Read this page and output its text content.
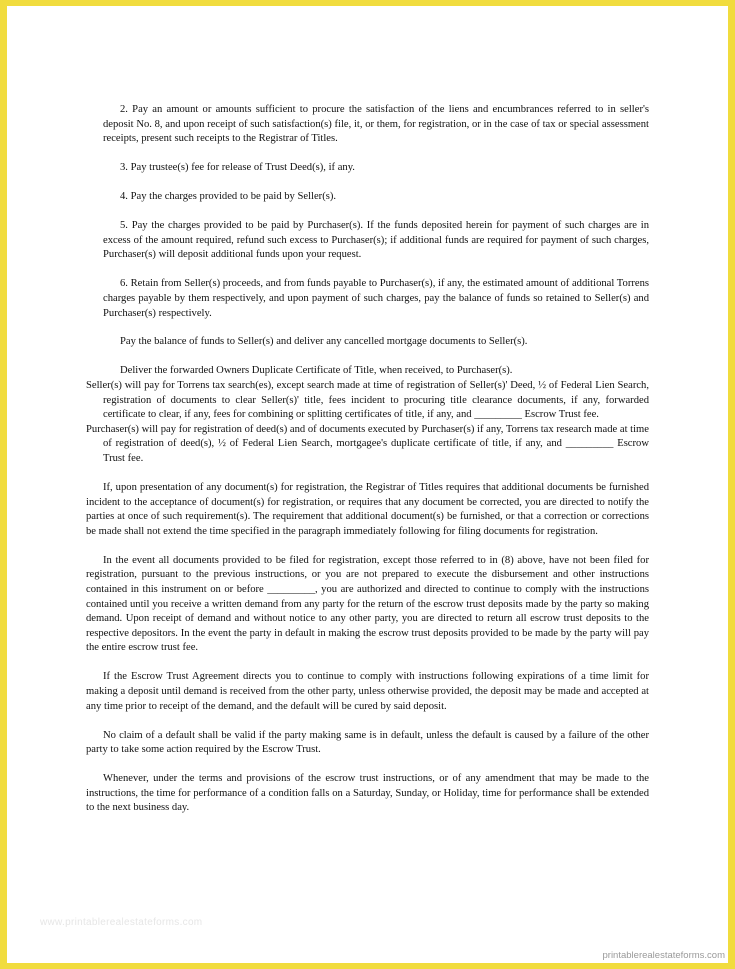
2. Pay an amount or amounts sufficient to procure the satisfaction of the liens and encumbrances referred to in seller's deposit No. 8, and upon receipt of such satisfaction(s) file, it, or them, for registration, or in the case of tax or special assessment receipts, present such receipts to the Registrar of Titles.

3. Pay trustee(s) fee for release of Trust Deed(s), if any.

4. Pay the charges provided to be paid by Seller(s).

5. Pay the charges provided to be paid by Purchaser(s). If the funds deposited herein for payment of such charges are in excess of the amount required, refund such excess to Purchaser(s); if additional funds are required for payment of such charges, Purchaser(s) will deposit additional funds upon your request.

6. Retain from Seller(s) proceeds, and from funds payable to Purchaser(s), if any, the estimated amount of additional Torrens charges payable by them respectively, and upon payment of such charges, pay the balance of funds so retained to Seller(s) and Purchaser(s) respectively.

Pay the balance of funds to Seller(s) and deliver any cancelled mortgage documents to Seller(s).

Deliver the forwarded Owners Duplicate Certificate of Title, when received, to Purchaser(s).

Seller(s) will pay for Torrens tax search(es), except search made at time of registration of Seller(s)' Deed, ½ of Federal Lien Search, registration of documents to clear Seller(s)' title, fees incident to procuring title clearance documents, if any, forwarded certificate to clear, if any, fees for combining or splitting certificates of title, if any, and _________ Escrow Trust fee.

Purchaser(s) will pay for registration of deed(s) and of documents executed by Purchaser(s) if any, Torrens tax research made at time of registration of deed(s), ½ of Federal Lien Search, mortgagee's duplicate certificate of title, if any, and _________ Escrow Trust fee.

If, upon presentation of any document(s) for registration, the Registrar of Titles requires that additional documents be furnished incident to the acceptance of document(s) for registration, or requires that any document be corrected, you are directed to notify the parties at once of such requirement(s). The requirement that additional document(s) be furnished, or that a correction or corrections be made shall not extend the time specified in the paragraph immediately following for filing documents for registration.

In the event all documents provided to be filed for registration, except those referred to in (8) above, have not been filed for registration, pursuant to the previous instructions, or you are not prepared to execute the disbursement and other instructions contained in this instrument on or before _________, you are authorized and directed to continue to comply with the instructions contained until you receive a written demand from any party for the return of the escrow trust deposits made by the party so making demand. Upon receipt of demand and without notice to any other party, you are directed to return all escrow trust deposits to the respective depositors. In the event the party in default in making the escrow trust deposits provided to be made by the party will pay the entire escrow trust fee.

If the Escrow Trust Agreement directs you to continue to comply with instructions following expirations of a time limit for making a deposit until demand is received from the other party, unless otherwise provided, the deposit may be made and accepted at any time prior to receipt of the demand, and the default will be cured by said deposit.

No claim of a default shall be valid if the party making same is in default, unless the default is caused by a failure of the other party to take some action required by the Escrow Trust.

Whenever, under the terms and provisions of the escrow trust instructions, or of any amendment that may be made to the instructions, the time for performance of a condition falls on a Saturday, Sunday, or Holiday, time for performance shall be extended to the next business day.

www.printablerealestateforms.com
printablerealestateforms.com
